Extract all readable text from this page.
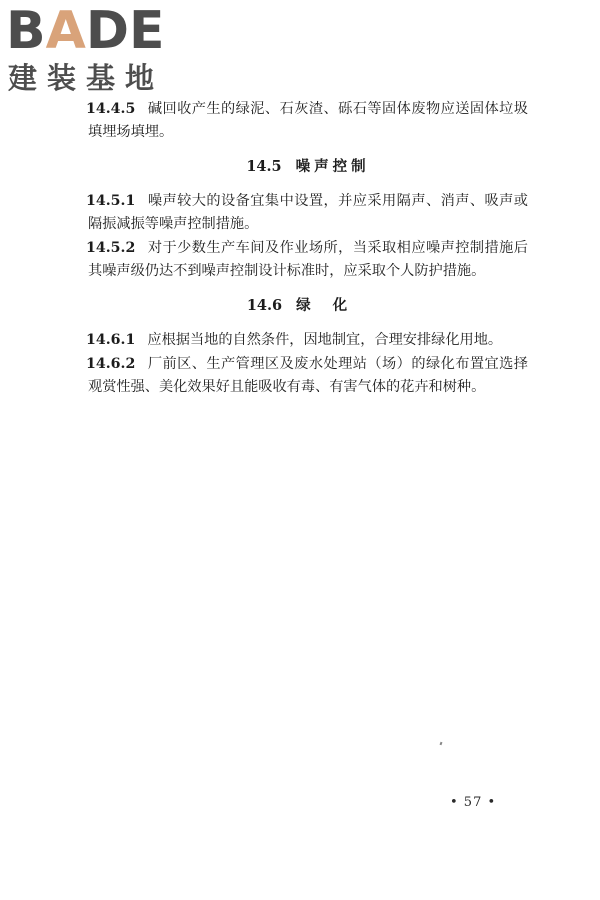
B A DE
建装基地

14.4.5 碱回收产生的绿泥、石灰渣、砾石等固体废物应送固体垃圾填埋场填埋。

14.5 噪声控制

14.5.1 噪声较大的设备宜集中设置，并应采用隔声、消声、吸声或隔振减振等噪声控制措施。

14.5.2 对于少数生产车间及作业场所，当采取相应噪声控制措施后其噪声级仍达不到噪声控制设计标准时，应采取个人防护措施。

14.6 绿化

14.6.1 应根据当地的自然条件，因地制宜，合理安排绿化用地。

14.6.2 厂前区、生产管理区及废水处理站（场）的绿化布置宜选择观赏性强、美化效果好且能吸收有毒、有害气体的花卉和树种。

• 57 •
